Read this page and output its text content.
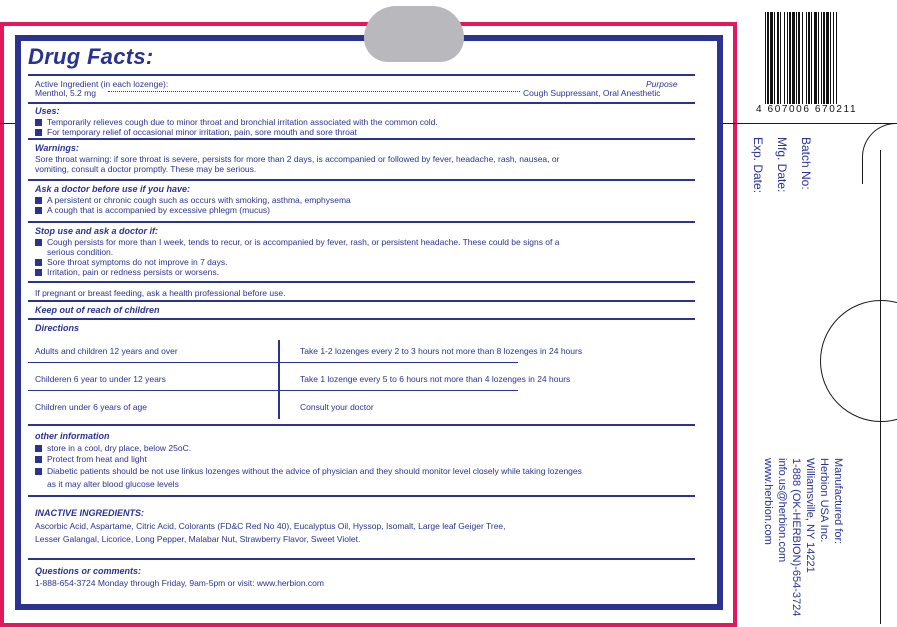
Drug Facts:
Active Ingredient (in each lozenge):	Purpose
Menthol, 5.2 mg	Cough Suppressant, Oral Anesthetic
Uses:
Temporarily relieves cough due to minor throat and bronchial irritation associated with the common cold.
For temporary relief of occasional minor irritation, pain, sore mouth and sore throat
Warnings:
Sore throat warning: if sore throat is severe, persists for more than 2 days, is accompanied or followed by fever, headache, rash, nausea, or
vomiting, consult a doctor promptly. These may be serious.
Ask a doctor before use if you have:
A persistent or chronic cough such as occurs with smoking, asthma, emphysema
A cough that is accompanied by excessive phlegm (mucus)
Stop use and ask a doctor if:
Cough persists for more than I week, tends to recur, or is accompanied by fever, rash, or persistent headache. These could be signs of a
serious condition.
Sore throat symptoms do not improve in 7 days.
Irritation, pain or redness persists or worsens.
If pregnant or breast feeding, ask a health professional before use.
Keep out of reach of children
Directions
Adults and children 12 years and over	Take 1-2 lozenges every 2 to 3 hours not more than 8 lozenges in 24 hours
Childeren 6 year to under 12 years	Take 1 lozenge every 5 to 6 hours not more than 4 lozenges in 24 hours
Children under 6 years of age	Consult your doctor
other information
store in a cool, dry place, below 25oC.
Protect from heat and light
Diabetic patients should be not use linkus lozenges without the advice of physician and they should monitor level closely while taking lozenges
as it may alter blood glucose levels
INACTIVE INGREDIENTS:
Ascorbic Acid, Aspartame, Citric Acid, Colorants (FD&C Red No 40), Eucalyptus Oil, Hyssop, Isomalt, Large leaf Geiger Tree,
Lesser Galangal, Licorice, Long Pepper, Malabar Nut, Strawberry Flavor, Sweet Violet.
Questions or comments:
1-888-654-3724 Monday through Friday, 9am-5pm or visit: www.herbion.com
4 607006 670211
Batch No:
Mfg. Date:
Exp. Date:
Manufactured for:
Herbion USA Inc.
Williamsville, NY 14221
1-888 (OK-HERBION)-654-3724
info.us@herbion.com
www.herbion.com
